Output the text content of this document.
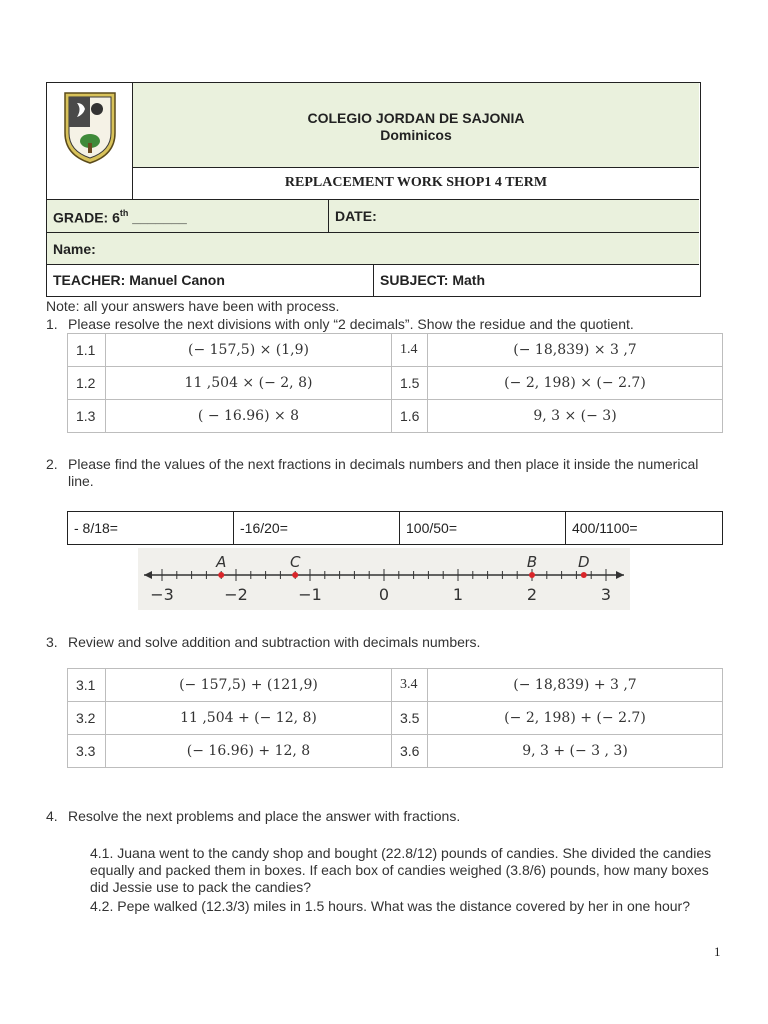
COLEGIO JORDAN DE SAJONIA
Dominicos
REPLACEMENT WORK SHOP1 4 TERM
GRADE: 6th _______	DATE:
Name:
TEACHER: Manuel Canon	SUBJECT: Math
Note: all your answers have been with process.
1. Please resolve the next divisions with only “2 decimals”. Show the residue and the quotient.
1.1	(− 157,5) × (1,9)	1.4	(− 18,839) × 3 ,7
1.2	11 ,504 × (− 2, 8)	1.5	(− 2, 198) × (− 2.7)
1.3	( − 16.96) × 8	1.6	9, 3 × (− 3)
2. Please find the values of the next fractions in decimals numbers and then place it inside the numerical line.
- 8/18=	-16/20=	100/50=	400/1100=
−3	−2	−1	0	1	2	3
A	C	B	D
3. Review and solve addition and subtraction with decimals numbers.
3.1	(− 157,5) + (121,9)	3.4	(− 18,839) + 3 ,7
3.2	11 ,504 + (− 12, 8)	3.5	(− 2, 198) + (− 2.7)
3.3	(− 16.96) + 12, 8	3.6	9, 3 + (− 3 , 3)
4. Resolve the next problems and place the answer with fractions.
4.1. Juana went to the candy shop and bought (22.8/12) pounds of candies. She divided the candies equally and packed them in boxes. If each box of candies weighed (3.8/6) pounds, how many boxes did Jessie use to pack the candies?
4.2. Pepe walked (12.3/3) miles in 1.5 hours. What was the distance covered by her in one hour?
1
